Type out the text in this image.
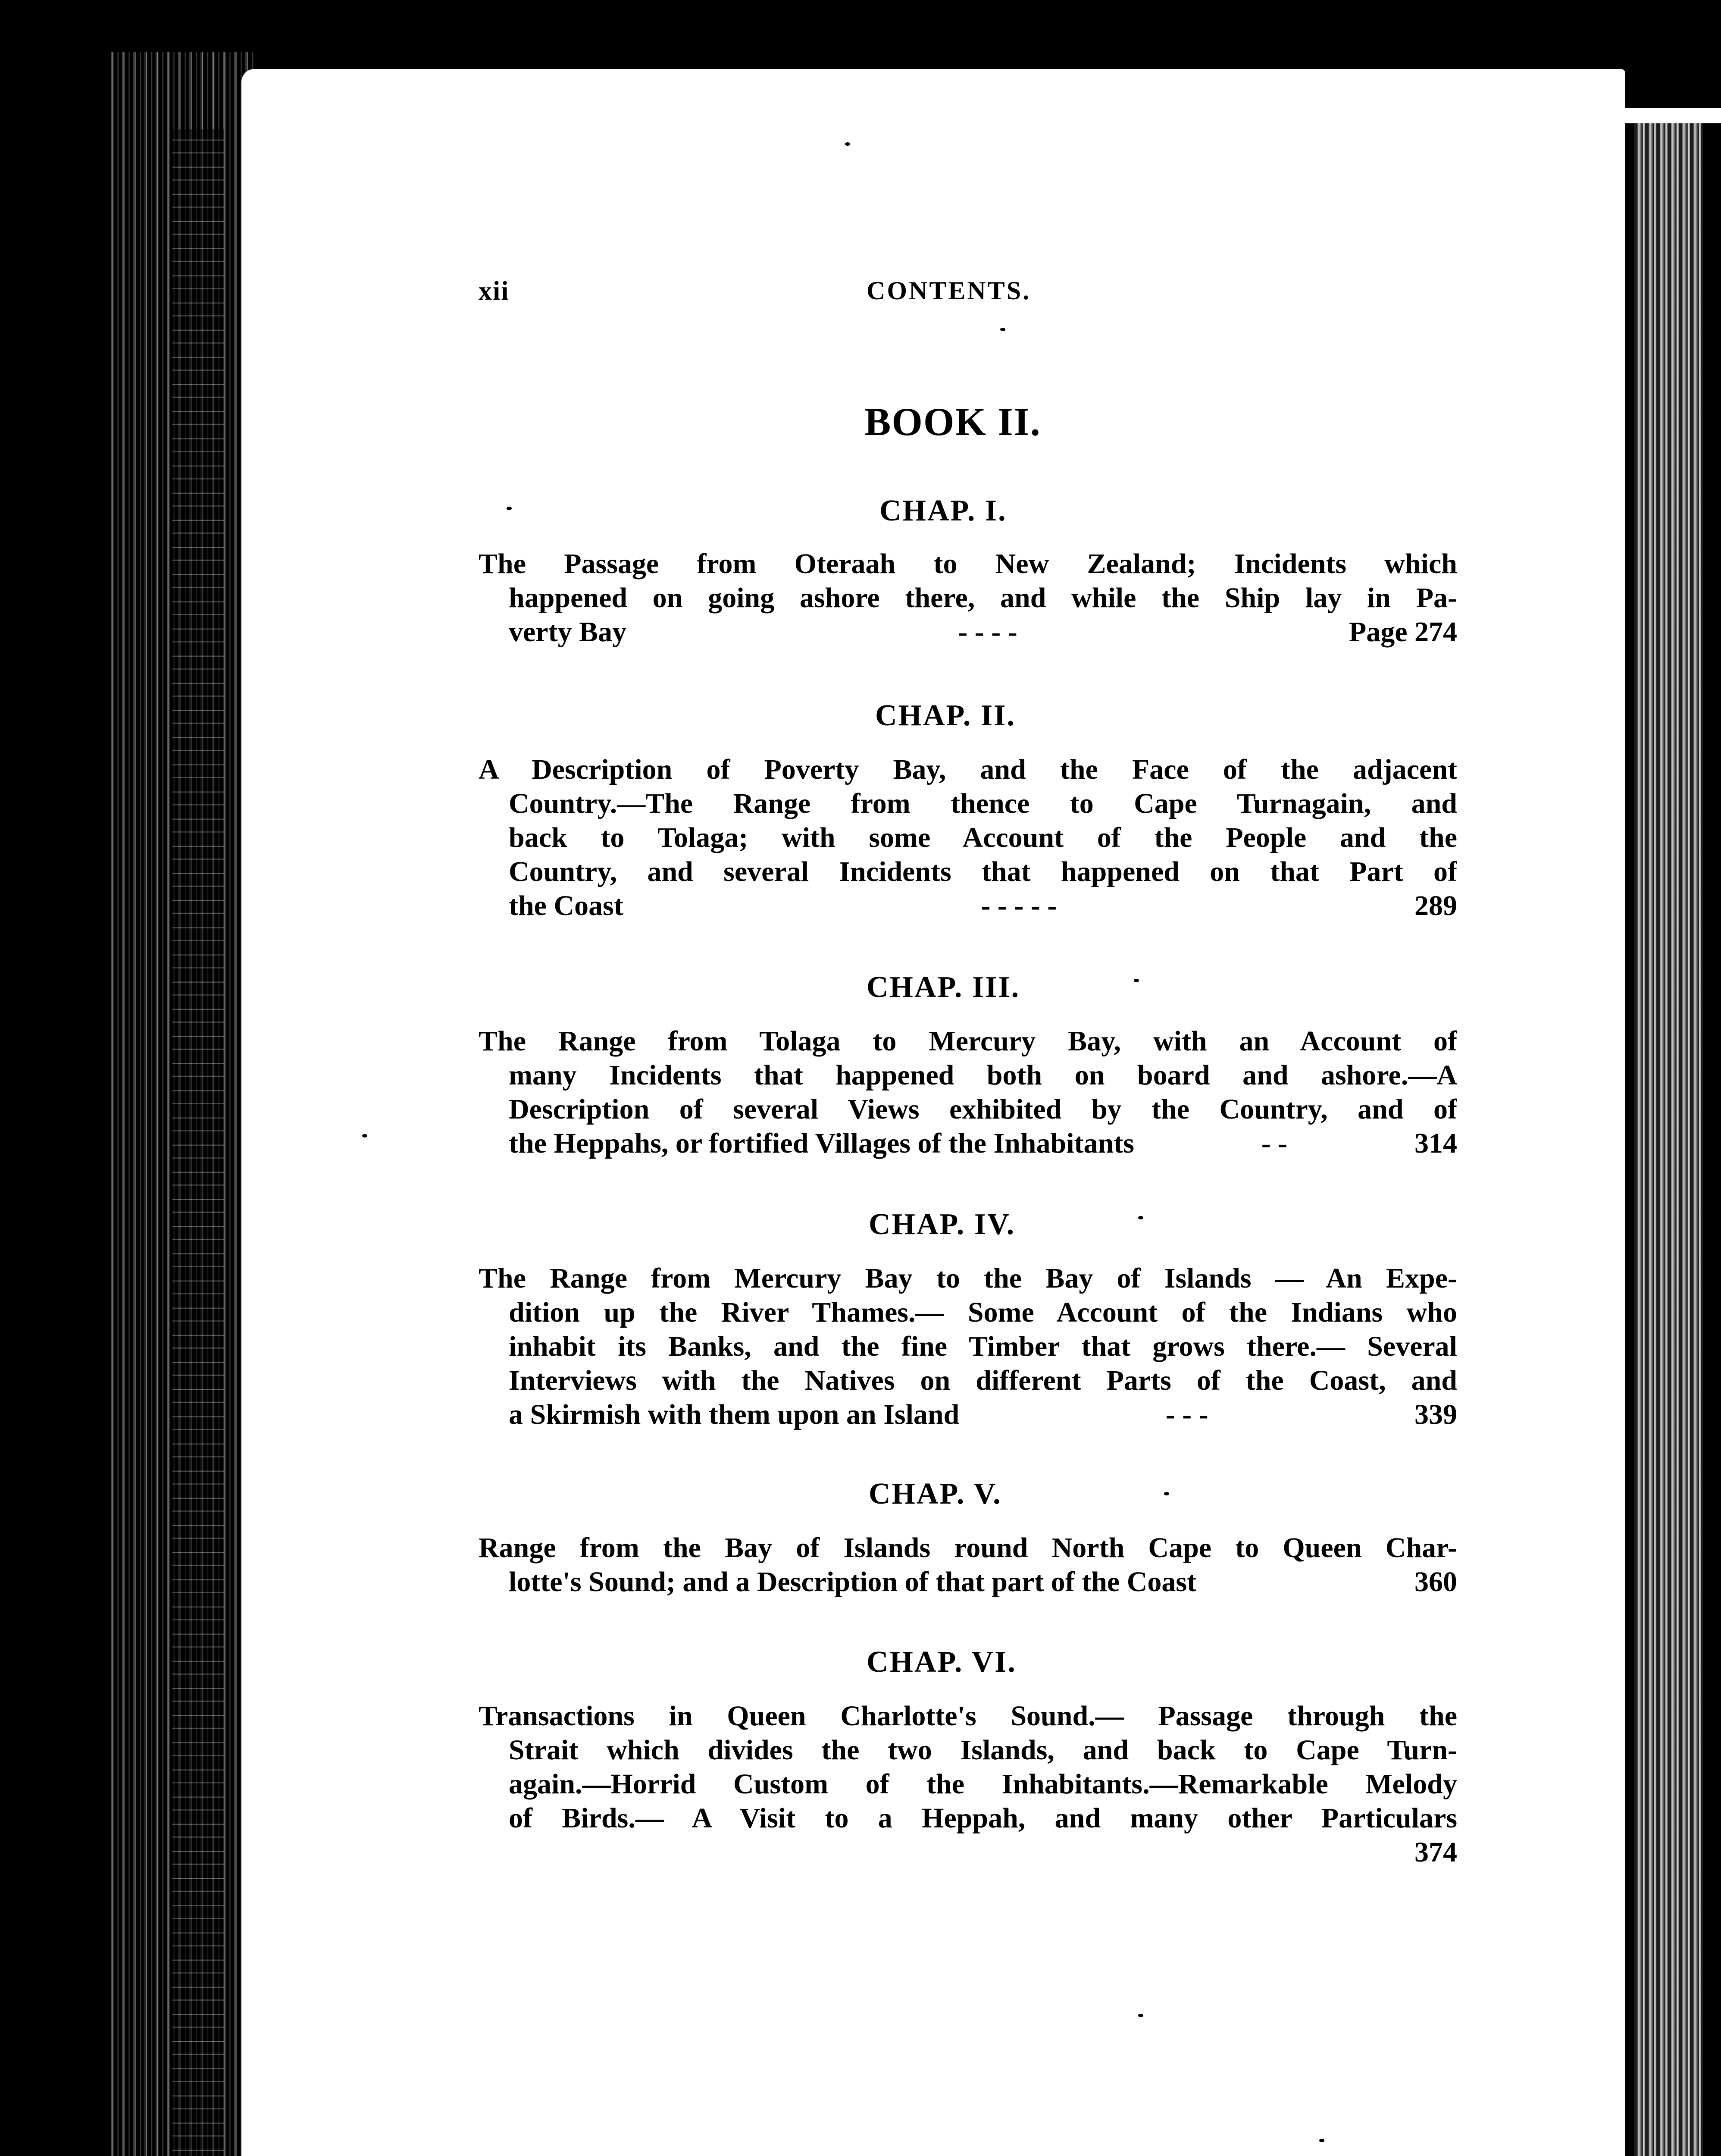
xii	CONTENTS.
BOOK II.
CHAP. I.
The Passage from Oteraah to New Zealand; Incidents which
happened on going ashore there, and while the Ship lay in Pa-
verty Bay	- - - -	Page 274
CHAP. II.
A Description of Poverty Bay, and the Face of the adjacent
Country.—The Range from thence to Cape Turnagain, and
back to Tolaga; with some Account of the People and the
Country, and several Incidents that happened on that Part of
the Coast	- - - - -	289
CHAP. III.
The Range from Tolaga to Mercury Bay, with an Account of
many Incidents that happened both on board and ashore.—A
Description of several Views exhibited by the Country, and of
the Heppahs, or fortified Villages of the Inhabitants	- -	314
CHAP. IV.
The Range from Mercury Bay to the Bay of Islands — An Expe-
dition up the River Thames.— Some Account of the Indians who
inhabit its Banks, and the fine Timber that grows there.— Several
Interviews with the Natives on different Parts of the Coast, and
a Skirmish with them upon an Island	- - -	339
CHAP. V.
Range from the Bay of Islands round North Cape to Queen Char-
lotte's Sound; and a Description of that part of the Coast	360
CHAP. VI.
Transactions in Queen Charlotte's Sound.— Passage through the
Strait which divides the two Islands, and back to Cape Turn-
again.—Horrid Custom of the Inhabitants.—Remarkable Melody
of Birds.— A Visit to a Heppah, and many other Particulars
374
